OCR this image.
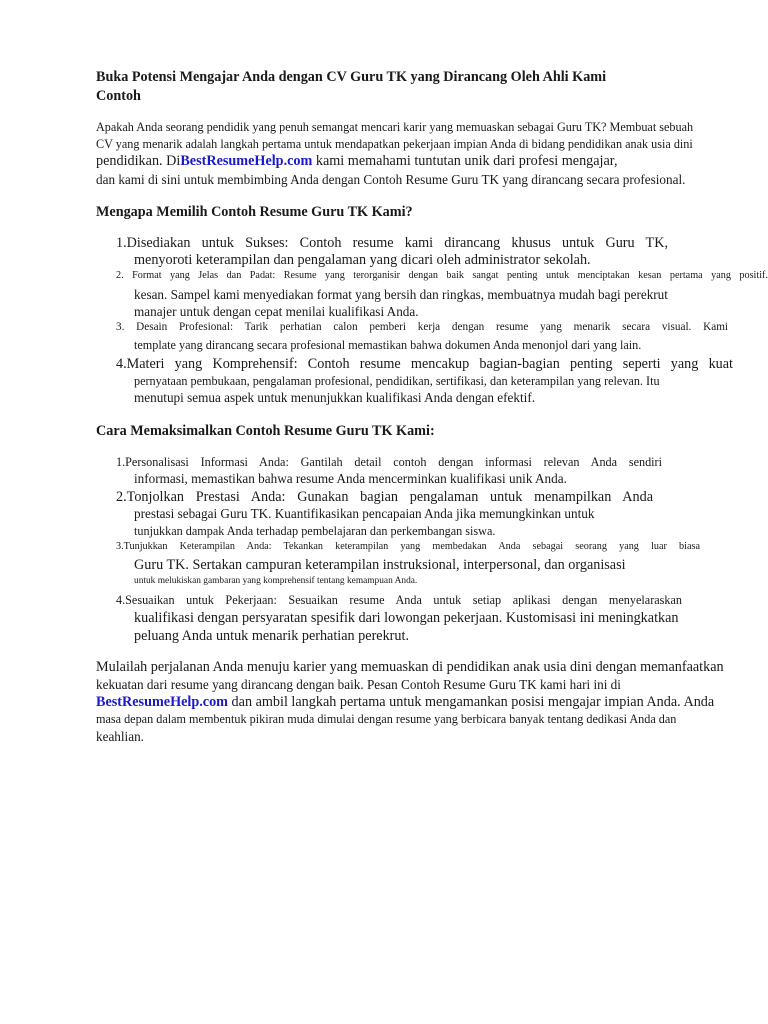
Buka Potensi Mengajar Anda dengan CV Guru TK yang Dirancang Oleh Ahli Kami
Contoh
Apakah Anda seorang pendidik yang penuh semangat mencari karir yang memuaskan sebagai Guru TK? Membuat sebuah
CV yang menarik adalah langkah pertama untuk mendapatkan pekerjaan impian Anda di bidang pendidikan anak usia dini
pendidikan. DiBestResumeHelp.com kami memahami tuntutan unik dari profesi mengajar,
dan kami di sini untuk membimbing Anda dengan Contoh Resume Guru TK yang dirancang secara profesional.
Mengapa Memilih Contoh Resume Guru TK Kami?
1.Disediakan untuk Sukses: Contoh resume kami dirancang khusus untuk Guru TK,
menyoroti keterampilan dan pengalaman yang dicari oleh administrator sekolah.
2. Format yang Jelas dan Padat: Resume yang terorganisir dengan baik sangat penting untuk menciptakan kesan pertama yang positif.
kesan. Sampel kami menyediakan format yang bersih dan ringkas, membuatnya mudah bagi perekrut
manajer untuk dengan cepat menilai kualifikasi Anda.
3. Desain Profesional: Tarik perhatian calon pemberi kerja dengan resume yang menarik secara visual. Kami
template yang dirancang secara profesional memastikan bahwa dokumen Anda menonjol dari yang lain.
4.Materi yang Komprehensif: Contoh resume mencakup bagian-bagian penting seperti yang kuat
pernyataan pembukaan, pengalaman profesional, pendidikan, sertifikasi, dan keterampilan yang relevan. Itu
menutupi semua aspek untuk menunjukkan kualifikasi Anda dengan efektif.
Cara Memaksimalkan Contoh Resume Guru TK Kami:
1.Personalisasi Informasi Anda: Gantilah detail contoh dengan informasi relevan Anda sendiri
informasi, memastikan bahwa resume Anda mencerminkan kualifikasi unik Anda.
2.Tonjolkan Prestasi Anda: Gunakan bagian pengalaman untuk menampilkan Anda
prestasi sebagai Guru TK. Kuantifikasikan pencapaian Anda jika memungkinkan untuk
tunjukkan dampak Anda terhadap pembelajaran dan perkembangan siswa.
3.Tunjukkan Keterampilan Anda: Tekankan keterampilan yang membedakan Anda sebagai seorang yang luar biasa
Guru TK. Sertakan campuran keterampilan instruksional, interpersonal, dan organisasi
untuk melukiskan gambaran yang komprehensif tentang kemampuan Anda.
4.Sesuaikan untuk Pekerjaan: Sesuaikan resume Anda untuk setiap aplikasi dengan menyelaraskan
kualifikasi dengan persyaratan spesifik dari lowongan pekerjaan. Kustomisasi ini meningkatkan
peluang Anda untuk menarik perhatian perekrut.
Mulailah perjalanan Anda menuju karier yang memuaskan di pendidikan anak usia dini dengan memanfaatkan
kekuatan dari resume yang dirancang dengan baik. Pesan Contoh Resume Guru TK kami hari ini di
BestResumeHelp.com dan ambil langkah pertama untuk mengamankan posisi mengajar impian Anda. Anda
masa depan dalam membentuk pikiran muda dimulai dengan resume yang berbicara banyak tentang dedikasi Anda dan
keahlian.
